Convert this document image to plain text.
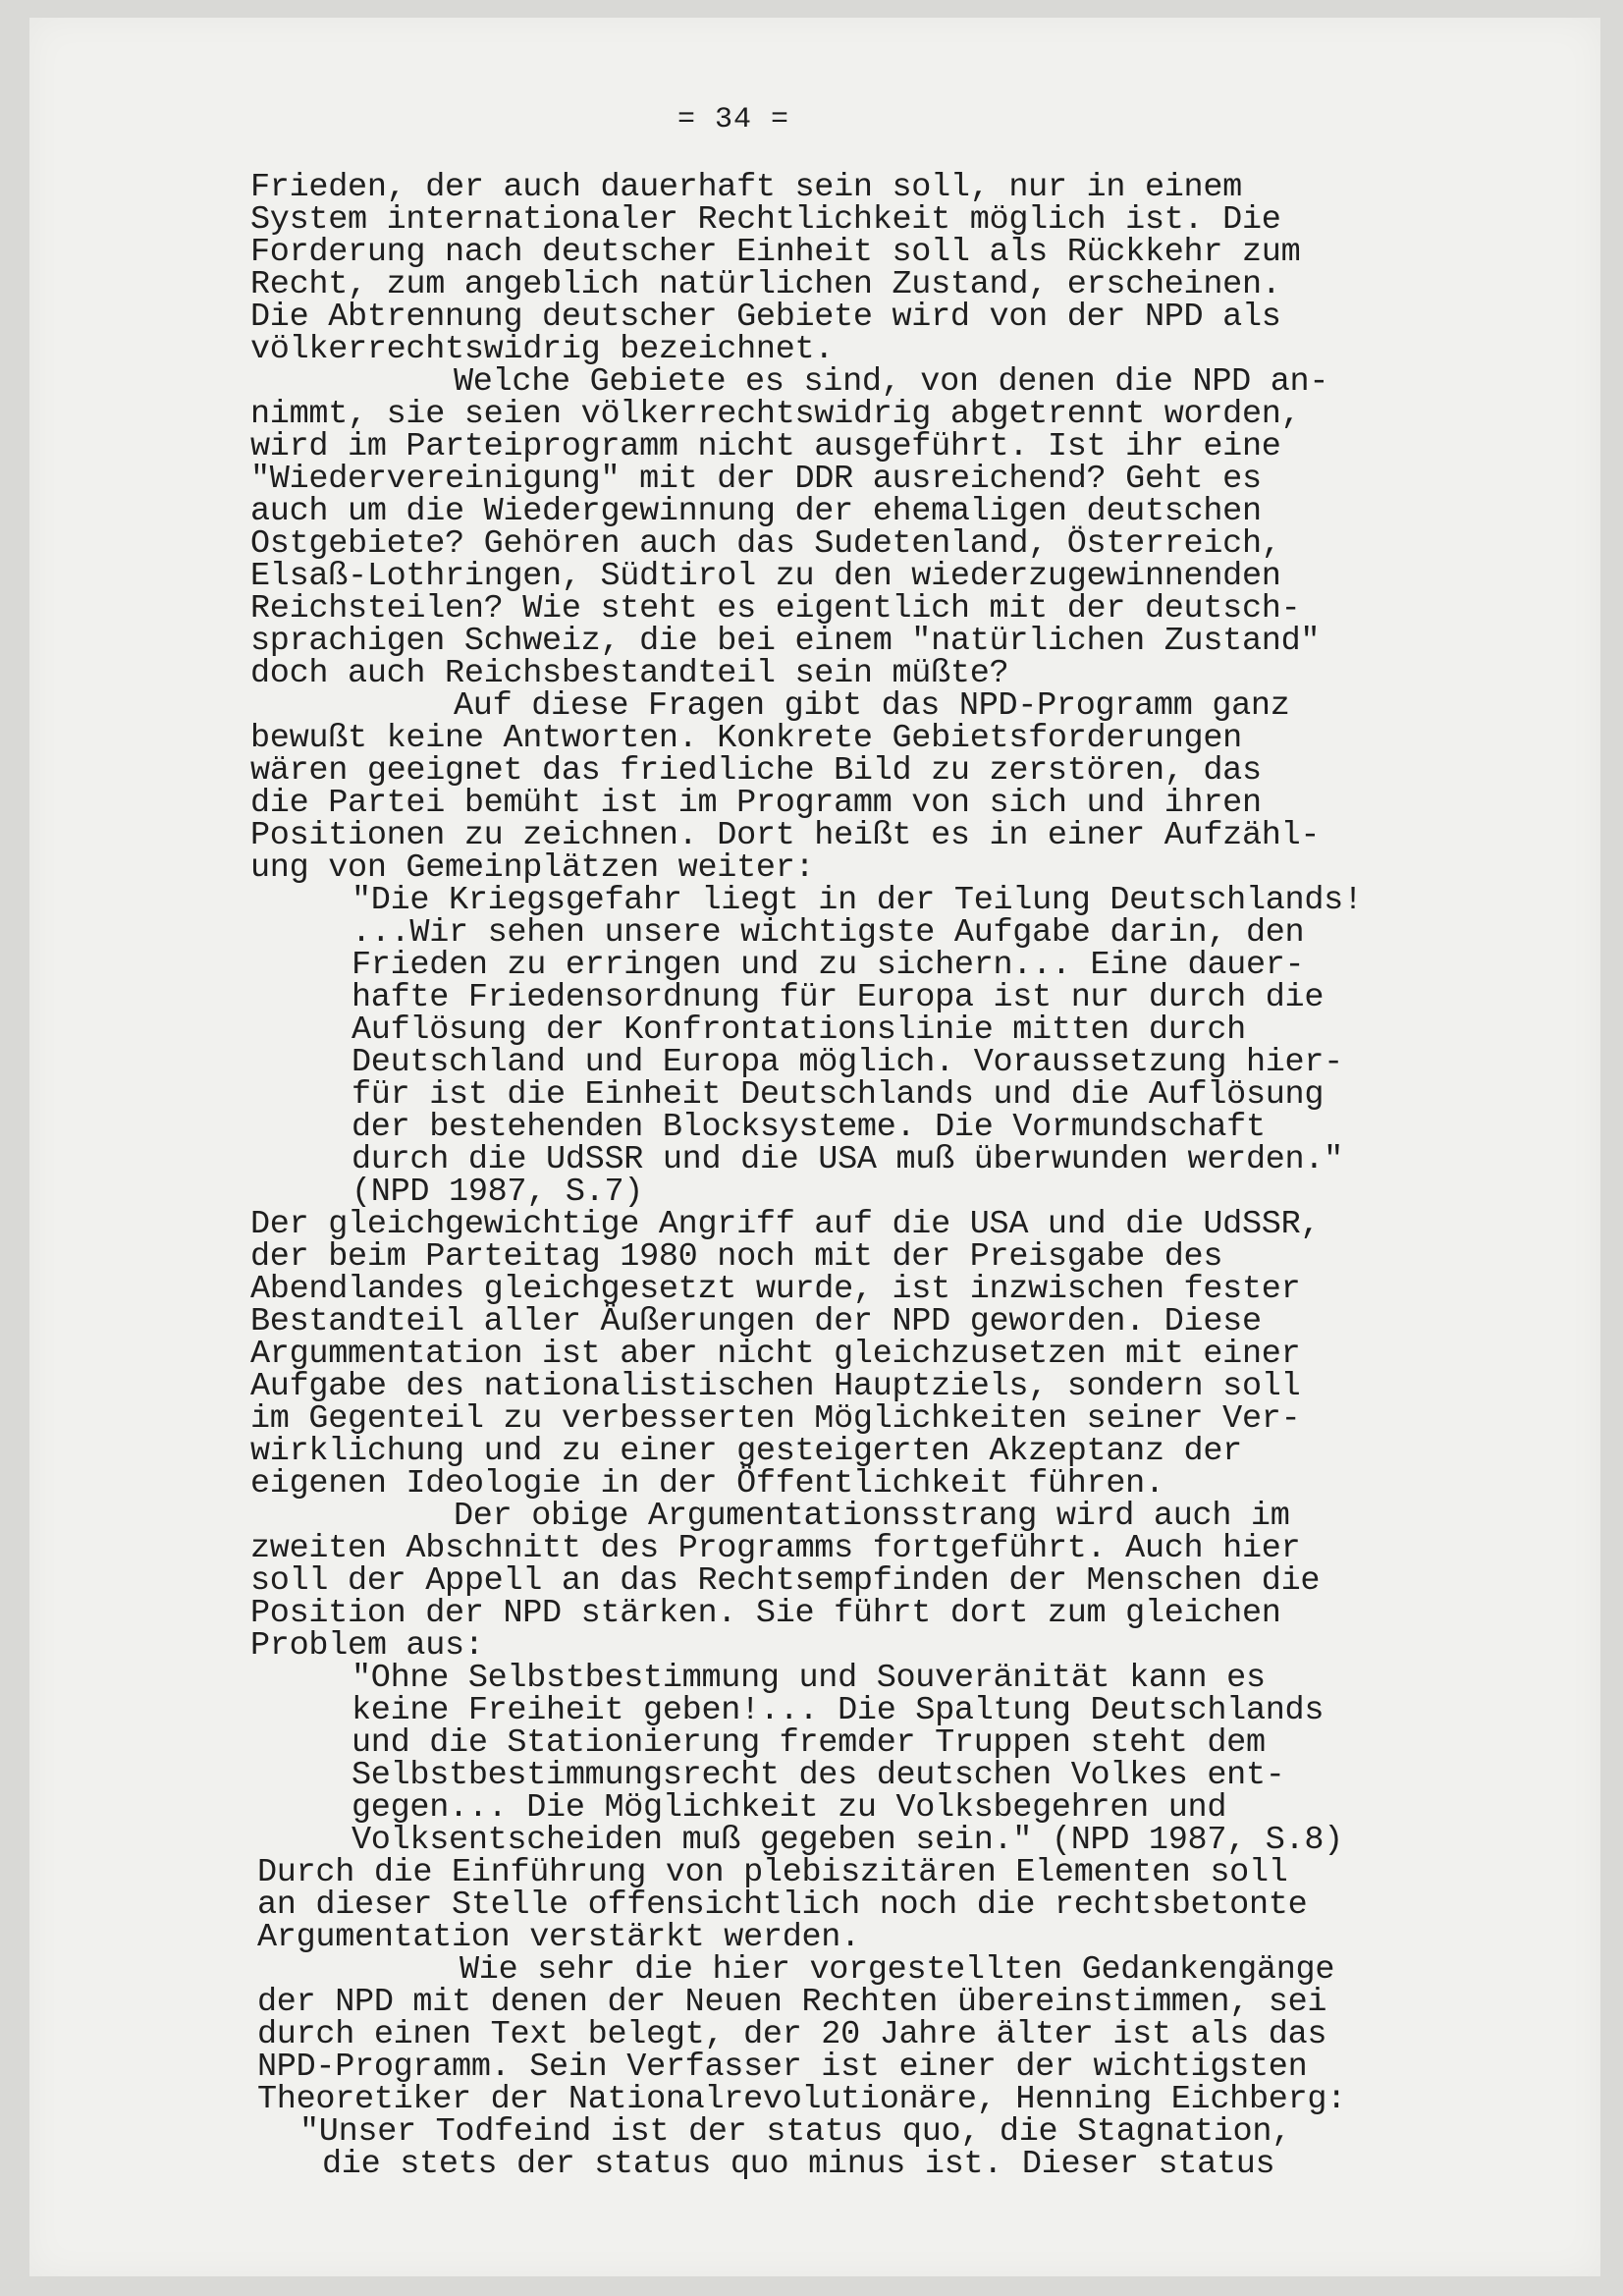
= 34 =
Frieden, der auch dauerhaft sein soll, nur in einem
System internationaler Rechtlichkeit möglich ist. Die
Forderung nach deutscher Einheit soll als Rückkehr zum
Recht, zum angeblich natürlichen Zustand, erscheinen.
Die Abtrennung deutscher Gebiete wird von der NPD als
völkerrechtswidrig bezeichnet.
Welche Gebiete es sind, von denen die NPD an-
nimmt, sie seien völkerrechtswidrig abgetrennt worden,
wird im Parteiprogramm nicht ausgeführt. Ist ihr eine
"Wiedervereinigung" mit der DDR ausreichend? Geht es
auch um die Wiedergewinnung der ehemaligen deutschen
Ostgebiete? Gehören auch das Sudetenland, Österreich,
Elsaß-Lothringen, Südtirol zu den wiederzugewinnenden
Reichsteilen? Wie steht es eigentlich mit der deutsch-
sprachigen Schweiz, die bei einem "natürlichen Zustand"
doch auch Reichsbestandteil sein müßte?
Auf diese Fragen gibt das NPD-Programm ganz
bewußt keine Antworten. Konkrete Gebietsforderungen
wären geeignet das friedliche Bild zu zerstören, das
die Partei bemüht ist im Programm von sich und ihren
Positionen zu zeichnen. Dort heißt es in einer Aufzähl-
ung von Gemeinplätzen weiter:
"Die Kriegsgefahr liegt in der Teilung Deutschlands!
...Wir sehen unsere wichtigste Aufgabe darin, den
Frieden zu erringen und zu sichern... Eine dauer-
hafte Friedensordnung für Europa ist nur durch die
Auflösung der Konfrontationslinie mitten durch
Deutschland und Europa möglich. Voraussetzung hier-
für ist die Einheit Deutschlands und die Auflösung
der bestehenden Blocksysteme. Die Vormundschaft
durch die UdSSR und die USA muß überwunden werden."
(NPD 1987, S.7)
Der gleichgewichtige Angriff auf die USA und die UdSSR,
der beim Parteitag 1980 noch mit der Preisgabe des
Abendlandes gleichgesetzt wurde, ist inzwischen fester
Bestandteil aller Äußerungen der NPD geworden. Diese
Argummentation ist aber nicht gleichzusetzen mit einer
Aufgabe des nationalistischen Hauptziels, sondern soll
im Gegenteil zu verbesserten Möglichkeiten seiner Ver-
wirklichung und zu einer gesteigerten Akzeptanz der
eigenen Ideologie in der Öffentlichkeit führen.
Der obige Argumentationsstrang wird auch im
zweiten Abschnitt des Programms fortgeführt. Auch hier
soll der Appell an das Rechtsempfinden der Menschen die
Position der NPD stärken. Sie führt dort zum gleichen
Problem aus:
"Ohne Selbstbestimmung und Souveränität kann es
keine Freiheit geben!... Die Spaltung Deutschlands
und die Stationierung fremder Truppen steht dem
Selbstbestimmungsrecht des deutschen Volkes ent-
gegen... Die Möglichkeit zu Volksbegehren und
Volksentscheiden muß gegeben sein." (NPD 1987, S.8)
Durch die Einführung von plebiszitären Elementen soll
an dieser Stelle offensichtlich noch die rechtsbetonte
Argumentation verstärkt werden.
Wie sehr die hier vorgestellten Gedankengänge
der NPD mit denen der Neuen Rechten übereinstimmen, sei
durch einen Text belegt, der 20 Jahre älter ist als das
NPD-Programm. Sein Verfasser ist einer der wichtigsten
Theoretiker der Nationalrevolutionäre, Henning Eichberg:
"Unser Todfeind ist der status quo, die Stagnation,
die stets der status quo minus ist. Dieser status
